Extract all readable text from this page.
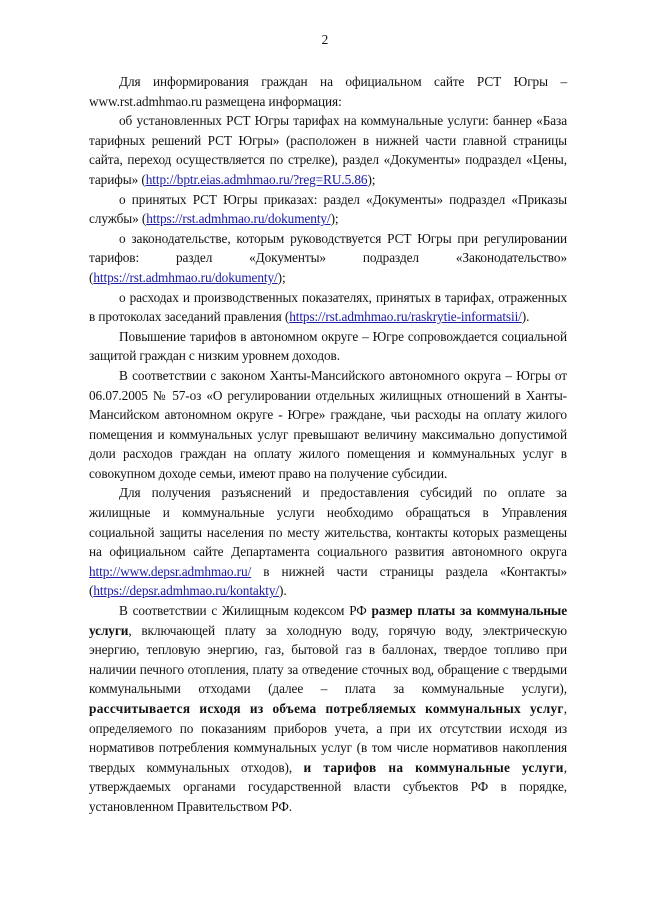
2

Для информирования граждан на официальном сайте РСТ Югры – www.rst.admhmao.ru размещена информация:

об установленных РСТ Югры тарифах на коммунальные услуги: баннер «База тарифных решений РСТ Югры» (расположен в нижней части главной страницы сайта, переход осуществляется по стрелке), раздел «Документы» подраздел «Цены, тарифы» (http://bptr.eias.admhmao.ru/?reg=RU.5.86);

о принятых РСТ Югры приказах: раздел «Документы» подраздел «Приказы службы» (https://rst.admhmao.ru/dokumenty/);

о законодательстве, которым руководствуется РСТ Югры при регулировании тарифов: раздел «Документы» подраздел «Законодательство» (https://rst.admhmao.ru/dokumenty/);

о расходах и производственных показателях, принятых в тарифах, отраженных в протоколах заседаний правления (https://rst.admhmao.ru/raskrytie-informatsii/).

Повышение тарифов в автономном округе – Югре сопровождается социальной защитой граждан с низким уровнем доходов.

В соответствии с законом Ханты-Мансийского автономного округа – Югры от 06.07.2005 № 57-оз «О регулировании отдельных жилищных отношений в Ханты-Мансийском автономном округе - Югре» граждане, чьи расходы на оплату жилого помещения и коммунальных услуг превышают величину максимально допустимой доли расходов граждан на оплату жилого помещения и коммунальных услуг в совокупном доходе семьи, имеют право на получение субсидии.

Для получения разъяснений и предоставления субсидий по оплате за жилищные и коммунальные услуги необходимо обращаться в Управления социальной защиты населения по месту жительства, контакты которых размещены на официальном сайте Департамента социального развития автономного округа http://www.depsr.admhmao.ru/ в нижней части страницы раздела «Контакты» (https://depsr.admhmao.ru/kontakty/).

В соответствии с Жилищным кодексом РФ размер платы за коммунальные услуги, включающей плату за холодную воду, горячую воду, электрическую энергию, тепловую энергию, газ, бытовой газ в баллонах, твердое топливо при наличии печного отопления, плату за отведение сточных вод, обращение с твердыми коммунальными отходами (далее – плата за коммунальные услуги), рассчитывается исходя из объема потребляемых коммунальных услуг, определяемого по показаниям приборов учета, а при их отсутствии исходя из нормативов потребления коммунальных услуг (в том числе нормативов накопления твердых коммунальных отходов), и тарифов на коммунальные услуги, утверждаемых органами государственной власти субъектов РФ в порядке, установленном Правительством РФ.
